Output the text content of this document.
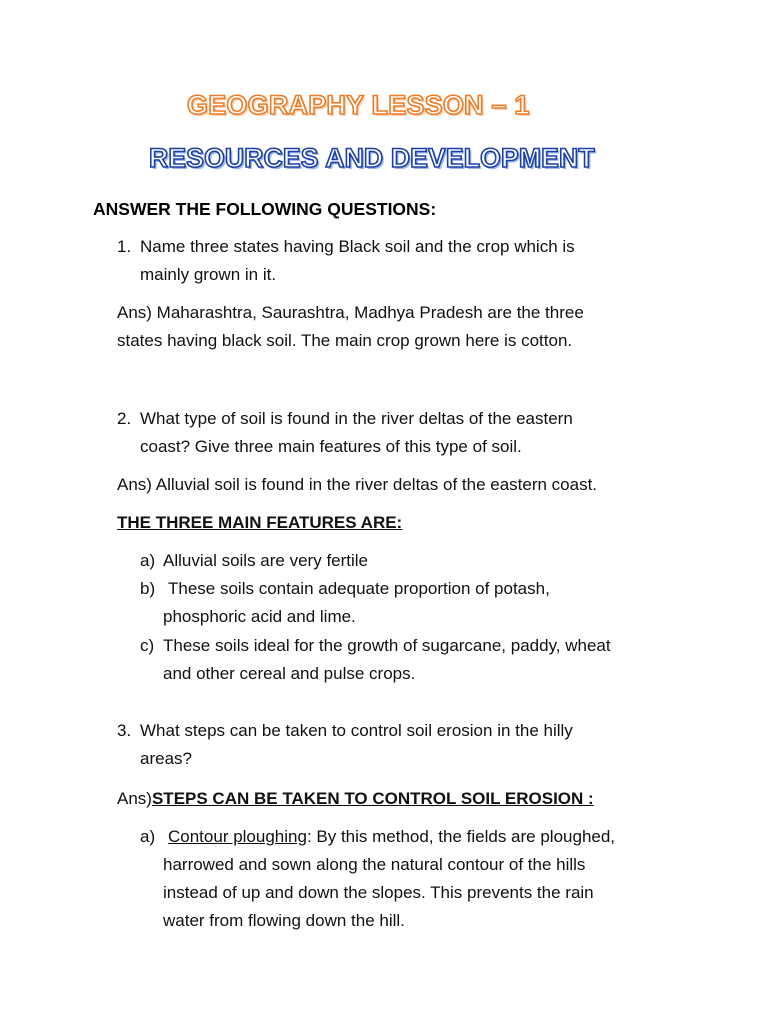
GEOGRAPHY LESSON – 1
RESOURCES AND DEVELOPMENT
ANSWER THE FOLLOWING QUESTIONS:
1. Name three states having Black soil and the crop which is
mainly grown in it.
Ans) Maharashtra, Saurashtra, Madhya Pradesh are the three
states having black soil. The main crop grown here is cotton.
2. What type of soil is found in the river deltas of the eastern
coast? Give three main features of this type of soil.
Ans) Alluvial soil is found in the river deltas of the eastern coast.
THE THREE MAIN FEATURES ARE:
a) Alluvial soils are very fertile
b) These soils contain adequate proportion of potash,
phosphoric acid and lime.
c) These soils ideal for the growth of sugarcane, paddy, wheat
and other cereal and pulse crops.
3. What steps can be taken to control soil erosion in the hilly
areas?
Ans)STEPS CAN BE TAKEN TO CONTROL SOIL EROSION :
a) Contour ploughing: By this method, the fields are ploughed,
harrowed and sown along the natural contour of the hills
instead of up and down the slopes. This prevents the rain
water from flowing down the hill.
